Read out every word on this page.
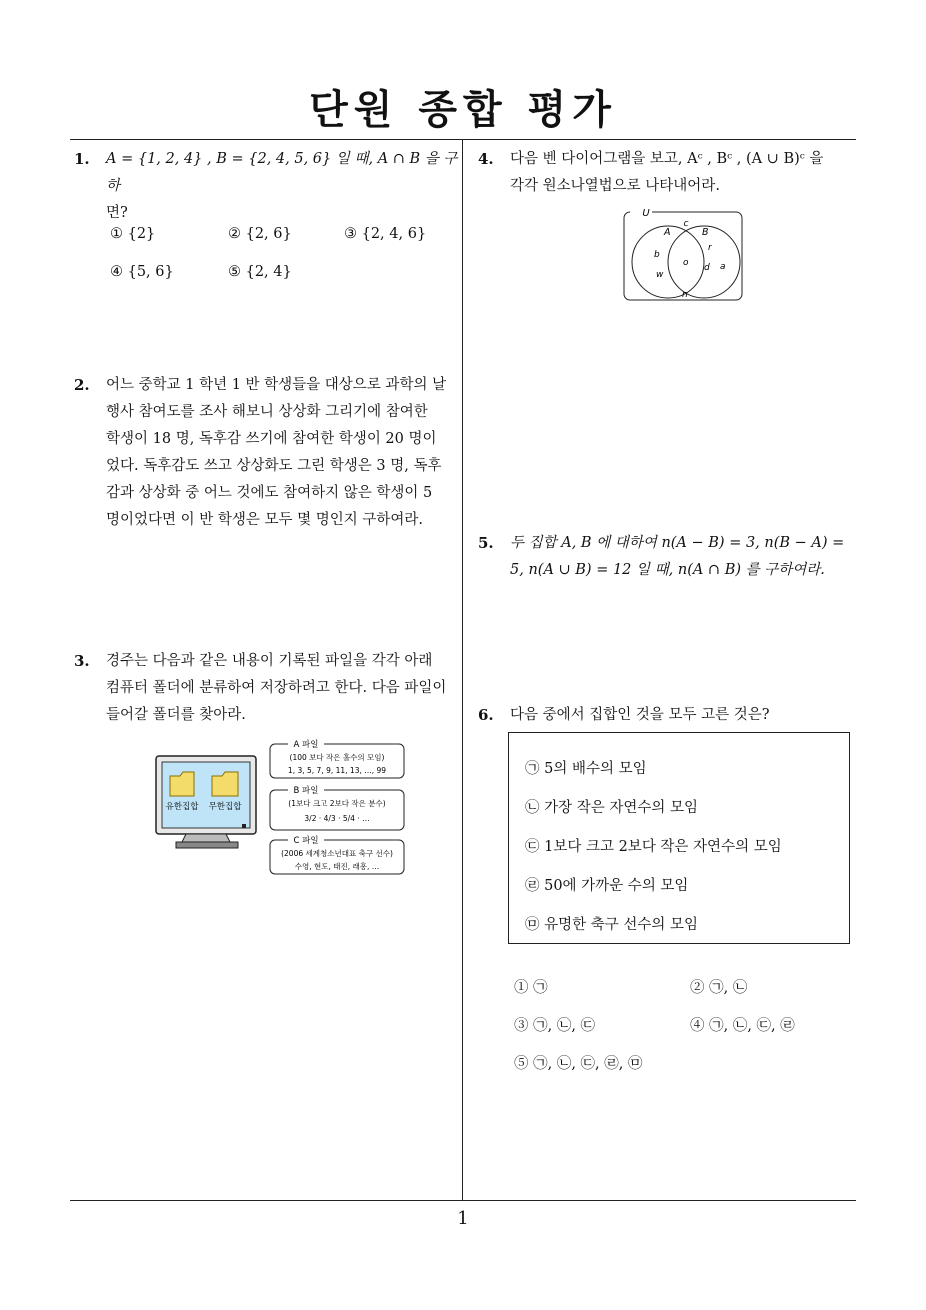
단원 종합 평가
1. A = {1, 2, 4} , B = {2, 4, 5, 6} 일 때, A ∩ B 을 구하
면?
① {2}	② {2, 6}	③ {2, 4, 6}
④ {5, 6}	⑤ {2, 4}
2. 어느 중학교 1 학년 1 반 학생들을 대상으로 과학의 날
행사 참여도를 조사 해보니 상상화 그리기에 참여한
학생이 18 명, 독후감 쓰기에 참여한 학생이 20 명이
었다. 독후감도 쓰고 상상화도 그린 학생은 3 명, 독후
감과 상상화 중 어느 것에도 참여하지 않은 학생이 5
명이었다면 이 반 학생은 모두 몇 명인지 구하여라.
3. 경주는 다음과 같은 내용이 기록된 파일을 각각 아래
컴퓨터 폴더에 분류하여 저장하려고 한다. 다음 파일이
들어갈 폴더를 찾아라.
유한집합 무한집합
A 파일
(100 보다 작은 홀수의 모임)
1, 3, 5, 7, 9, 11, 13, …, 99
B 파일
(1보다 크고 2보다 작은 분수)
3/2 · 4/3 · 5/4 · …
C 파일
(2006 세계청소년대표 축구 선수)
수영, 현도, 태진, 래흥, …
4. 다음 벤 다이어그램을 보고, Aᶜ , Bᶜ , (A ∪ B)ᶜ 을
각각 원소나열법으로 나타내어라.
U
A	B
c
b
o
r
d a
w
n
5. 두 집합 A, B 에 대하여 n(A − B) = 3, n(B − A) =
5, n(A ∪ B) = 12 일 때, n(A ∩ B) 를 구하여라.
6. 다음 중에서 집합인 것을 모두 고른 것은?
㉠ 5의 배수의 모임
㉡ 가장 작은 자연수의 모임
㉢ 1보다 크고 2보다 작은 자연수의 모임
㉣ 50에 가까운 수의 모임
㉤ 유명한 축구 선수의 모임
① ㉠	② ㉠, ㉡
③ ㉠, ㉡, ㉢	④ ㉠, ㉡, ㉢, ㉣
⑤ ㉠, ㉡, ㉢, ㉣, ㉤
1
